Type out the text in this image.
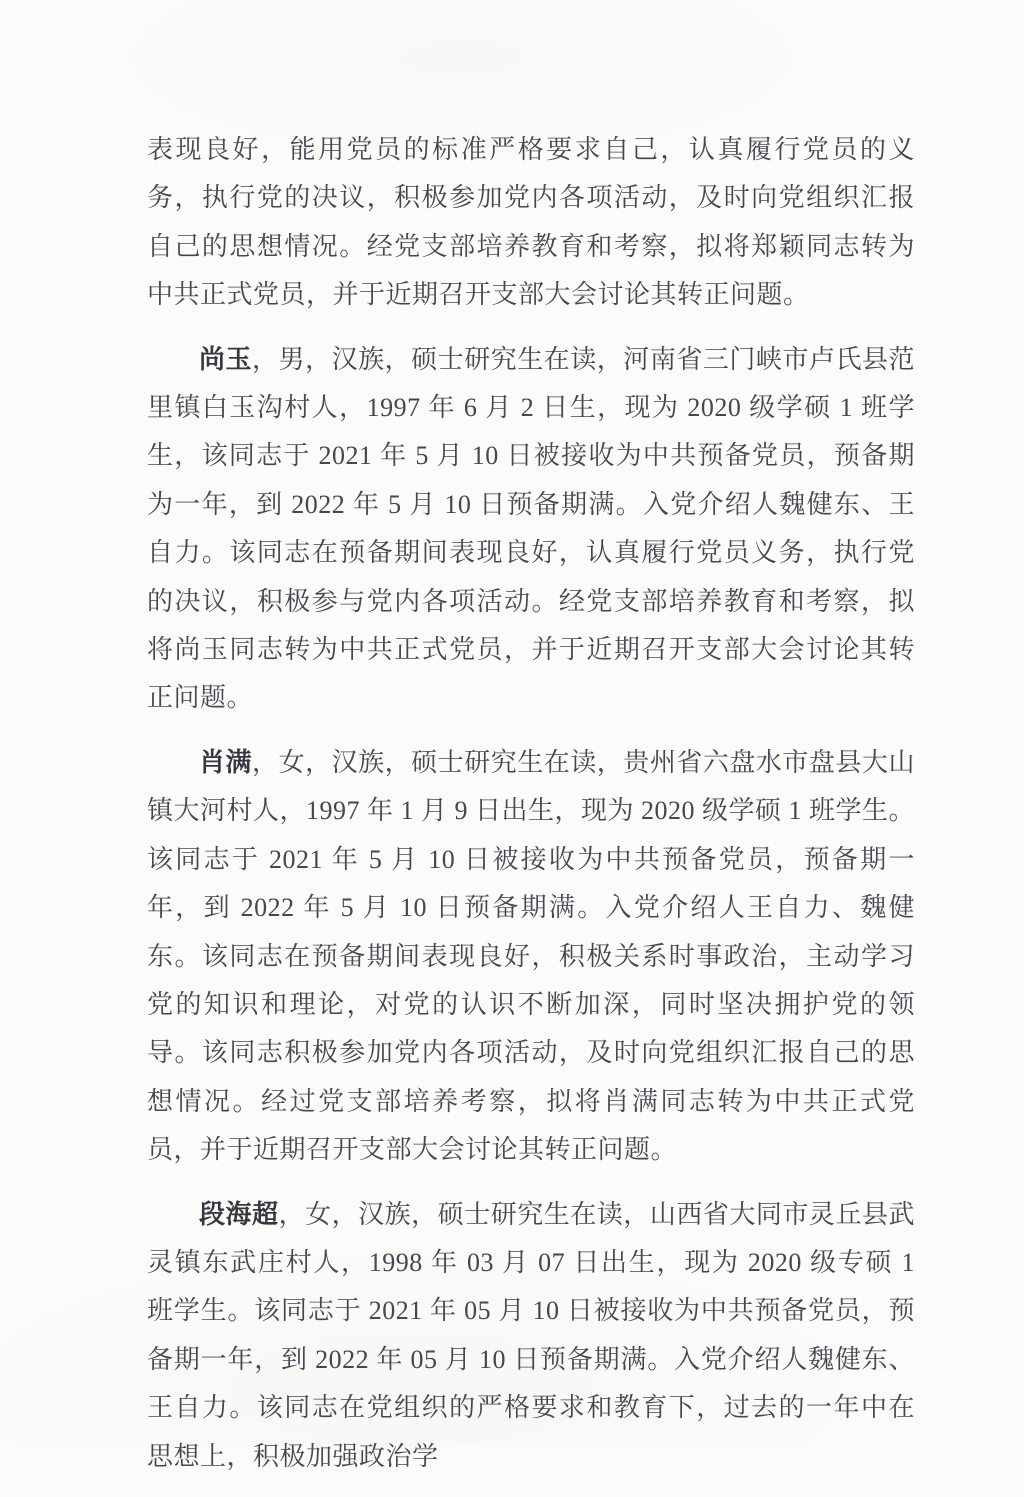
表现良好，能用党员的标准严格要求自己，认真履行党员的义务，执行党的决议，积极参加党内各项活动，及时向党组织汇报自己的思想情况。经党支部培养教育和考察，拟将郑颖同志转为中共正式党员，并于近期召开支部大会讨论其转正问题。

尚玉，男，汉族，硕士研究生在读，河南省三门峡市卢氏县范里镇白玉沟村人，1997 年 6 月 2 日生，现为 2020 级学硕 1 班学生，该同志于 2021 年 5 月 10 日被接收为中共预备党员，预备期为一年，到 2022 年 5 月 10 日预备期满。入党介绍人魏健东、王自力。该同志在预备期间表现良好，认真履行党员义务，执行党的决议，积极参与党内各项活动。经党支部培养教育和考察，拟将尚玉同志转为中共正式党员，并于近期召开支部大会讨论其转正问题。

肖满，女，汉族，硕士研究生在读，贵州省六盘水市盘县大山镇大河村人，1997 年 1 月 9 日出生，现为 2020 级学硕 1 班学生。该同志于 2021 年 5 月 10 日被接收为中共预备党员，预备期一年，到 2022 年 5 月 10 日预备期满。入党介绍人王自力、魏健东。该同志在预备期间表现良好，积极关系时事政治，主动学习党的知识和理论，对党的认识不断加深，同时坚决拥护党的领导。该同志积极参加党内各项活动，及时向党组织汇报自己的思想情况。经过党支部培养考察，拟将肖满同志转为中共正式党员，并于近期召开支部大会讨论其转正问题。

段海超，女，汉族，硕士研究生在读，山西省大同市灵丘县武灵镇东武庄村人，1998 年 03 月 07 日出生，现为 2020 级专硕 1 班学生。该同志于 2021 年 05 月 10 日被接收为中共预备党员，预备期一年，到 2022 年 05 月 10 日预备期满。入党介绍人魏健东、王自力。该同志在党组织的严格要求和教育下，过去的一年中在思想上，积极加强政治学
